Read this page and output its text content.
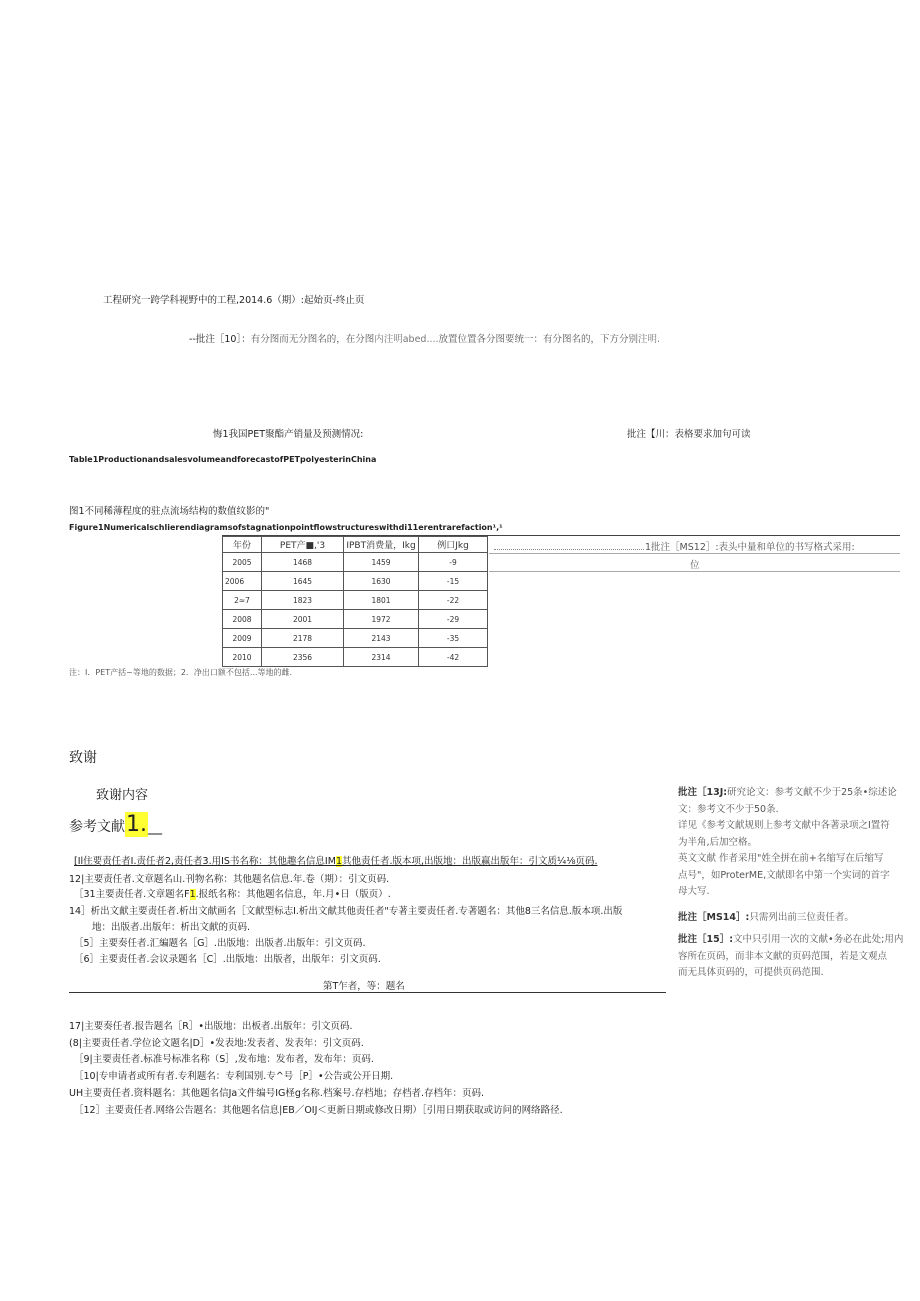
工程研究一跨学科视野中的工程,2014.6（期）:起始页-终止页
--批注［10］：有分图而无分图名的，在分图内注明abed....放置位置各分图要统一：有分图名的，下方分别注明.
悔1我国PET聚酯产销量及预测情况:	批注【川：表格要求加句可读
Table1ProductionandsalesvolumeandforecastofPETpolyesterinChina
图1不同稀薄程度的驻点流场结构的数值纹影的"
Figure1Numericalschlierendiagramsofstagnationpointflowstructureswithdi11erentrarefaction¹,¹
1批注［MS12］:表头中量和单位的书写格式采用:
位
年份	PET产■,'3	IPBT消费量，Ikg	例口Jkg
2005	1468	1459	-9
2006	1645	1630	-15
2≈7	1823	1801	-22
2008	2001	1972	-29
2009	2178	2143	-35
2010	2356	2314	-42
注：I．PET产括~等地的数据；2．净出口额不包括...等地的雌.
致谢
致谢内容
参考文献1.__
[Il住要责任者I.责任者2,责任者3.用IS书名称：其他趣名信息IM1其他责任者.版本项,出版地：出版赢出版年：引文质¼⅛页码.
12|主要责任者.文章题名山.刊物名称：其他题名信息.年.卷（期）：引文页码.
［31主要责任者.文章题名F1.报纸名称：其他题名信息，年.月•日（版页）.
14］析出文献主要责任者.析出文献画名［文献型标志I.析出文献其他责任者"专著主要责任者.专著题名：其他8三名信息.版本项.出版
地：出版者.出版年：析出文献的页码.
［5］主要奏任者.汇編题名［G］.出版地：出版者.出版年：引文页码.
［6］主要责任者.会议录题名［C］.出版地：出版者，出版年：引文页码.
第T乍者，等：题名
17|主要奏任者.报告题名［R］•出版地：出板者.出版年：引文页码.
(8|主要责任者.学位论文题名|D］•发表地:发表者、发表年：引文页码.
［9|主要责任者.标准号标准名称（S］,发布地：发布者，发布年：页码.
［10|专申请者或所有者.专利题名：专利国别.专^号［P］•公告或公开日期.
UH主要责任者.资料题名：其他题名信Ja文件编号IG柽g名称.档案号.存档地；存档者.存档年：页码.
［12］主要责任者.网络公告题名：其他题名信息|EB／OIJ＜更新日期或修改日期）［引用日期获取或访问的网络路径.
批注［13J:研究论文：参考文献不少于25条•综述论
文：参考文不少于50条.
详见《参考文献规则上参考文献中各著录项之I置符
为半角,后加空格。
英文文献 作者采用"姓全拼在前+名缩写在后缩写
点号"，如ProterME,文献即名中第一个实词的首字
母大写.
批注［MS14］:只需列出前三位责任者。
批注［15］:文中只引用一次的文献•务必在此处;用内
容所在页码，而非本文献的页码范围，若是文观点
而无具体页码的，可提供页码范围.
